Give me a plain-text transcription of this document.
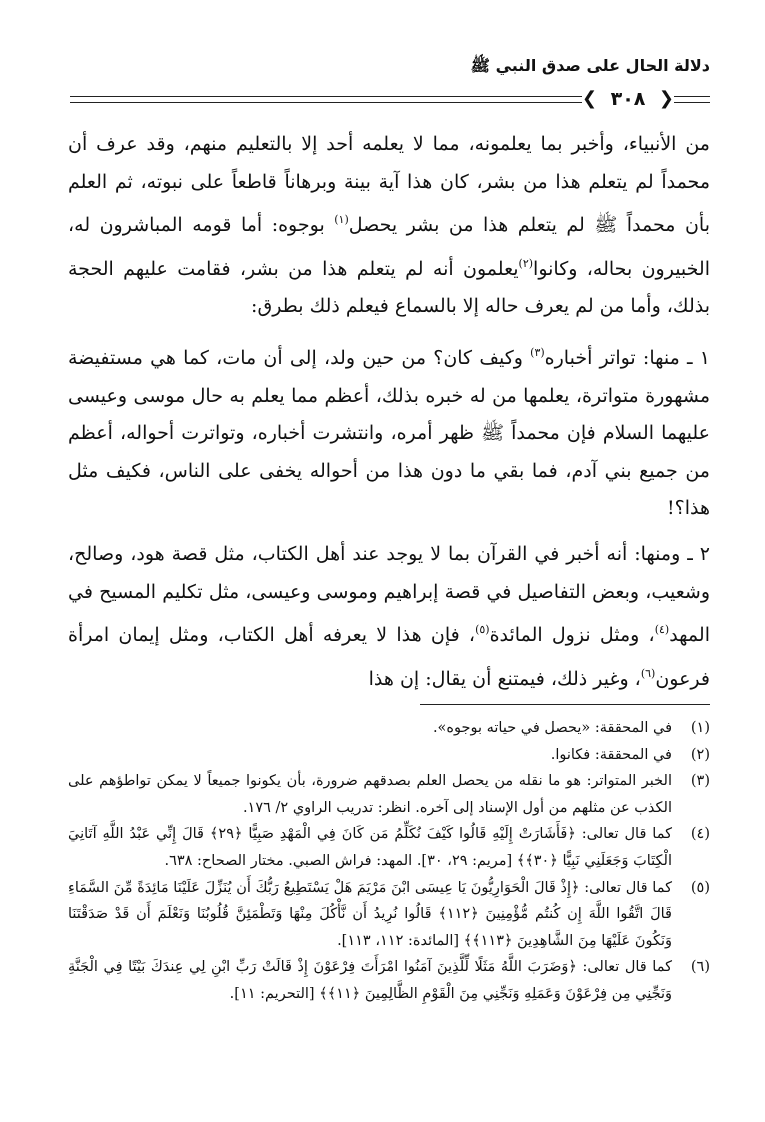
دلالة الحال على صدق النبي ﷺ
❯ ٣٠٨ ❮

من الأنبياء، وأخبر بما يعلمونه، مما لا يعلمه أحد إلا بالتعليم منهم، وقد عرف أن محمداً لم يتعلم هذا من بشر، كان هذا آية بينة وبرهاناً قاطعاً على نبوته، ثم العلم بأن محمداً ﷺ لم يتعلم هذا من بشر يحصل$^{(١)}$ بوجوه: أما قومه المباشرون له، الخبيرون بحاله، وكانوا$^{(٢)}$يعلمون أنه لم يتعلم هذا من بشر، فقامت عليهم الحجة بذلك، وأما من لم يعرف حاله إلا بالسماع فيعلم ذلك بطرق:

١ ـ منها: تواتر أخباره$^{(٣)}$ وكيف كان؟ من حين ولد، إلى أن مات، كما هي مستفيضة مشهورة متواترة، يعلمها من له خبره بذلك، أعظم مما يعلم به حال موسى وعيسى عليهما السلام فإن محمداً ﷺ ظهر أمره، وانتشرت أخباره، وتواترت أحواله، أعظم من جميع بني آدم، فما بقي ما دون هذا من أحواله يخفى على الناس، فكيف مثل هذا؟!

٢ ـ ومنها: أنه أخبر في القرآن بما لا يوجد عند أهل الكتاب، مثل قصة هود، وصالح، وشعيب، وبعض التفاصيل في قصة إبراهيم وموسى وعيسى، مثل تكليم المسيح في المهد$^{(٤)}$، ومثل نزول المائدة$^{(٥)}$، فإن هذا لا يعرفه أهل الكتاب، ومثل إيمان امرأة فرعون$^{(٦)}$، وغير ذلك، فيمتنع أن يقال: إن هذا

(١)
في المحققة: «يحصل في حياته بوجوه».
(٢)
في المحققة: فكانوا.
(٣)
الخبر المتواتر: هو ما نقله من يحصل العلم بصدقهم ضرورة، بأن يكونوا جميعاً لا يمكن تواطؤهم على الكذب عن مثلهم من أول الإسناد إلى آخره. انظر: تدريب الراوي ٢/ ١٧٦.
(٤)
كما قال تعالى: ﴿فَأَشَارَتْ إِلَيْهِ قَالُوا كَيْفَ نُكَلِّمُ مَن كَانَ فِي الْمَهْدِ صَبِيًّا ﴿٢٩﴾ قَالَ إِنِّي عَبْدُ اللَّهِ آتَانِيَ الْكِتَابَ وَجَعَلَنِي نَبِيًّا ﴿٣٠﴾﴾ [مريم: ٢٩، ٣٠]. المهد: فراش الصبي. مختار الصحاح: ٦٣٨.
(٥)
كما قال تعالى: ﴿إِذْ قَالَ الْحَوَارِيُّونَ يَا عِيسَى ابْنَ مَرْيَمَ هَلْ يَسْتَطِيعُ رَبُّكَ أَن يُنَزِّلَ عَلَيْنَا مَائِدَةً مِّنَ السَّمَاءِ قَالَ اتَّقُوا اللَّهَ إِن كُنتُم مُّؤْمِنِينَ ﴿١١٢﴾ قَالُوا نُرِيدُ أَن نَّأْكُلَ مِنْهَا وَتَطْمَئِنَّ قُلُوبُنَا وَنَعْلَمَ أَن قَدْ صَدَقْتَنَا وَنَكُونَ عَلَيْهَا مِنَ الشَّاهِدِينَ ﴿١١٣﴾﴾ [المائدة: ١١٢، ١١٣].
(٦)
كما قال تعالى: ﴿وَضَرَبَ اللَّهُ مَثَلًا لِّلَّذِينَ آمَنُوا امْرَأَتَ فِرْعَوْنَ إِذْ قَالَتْ رَبِّ ابْنِ لِي عِندَكَ بَيْتًا فِي الْجَنَّةِ وَنَجِّنِي مِن فِرْعَوْنَ وَعَمَلِهِ وَنَجِّنِي مِنَ الْقَوْمِ الظَّالِمِينَ ﴿١١﴾﴾ [التحريم: ١١].
